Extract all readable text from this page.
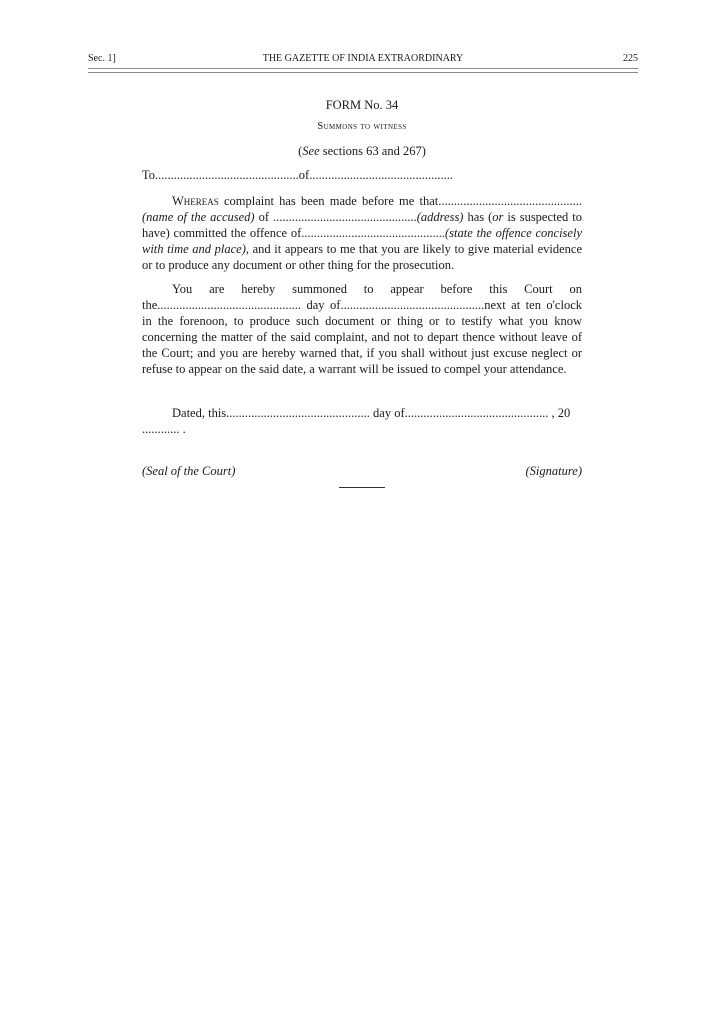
Sec. 1]	THE GAZETTE OF INDIA EXTRAORDINARY	225
FORM No. 34
Summons to witness
(See sections 63 and 267)
To..............................................of..............................................

Whereas complaint has been made before me that..............................................(name of the accused) of ..............................................(address) has (or is suspected to have) committed the offence of..............................................(state the offence concisely with time and place), and it appears to me that you are likely to give material evidence or to produce any document or other thing for the prosecution.

You are hereby summoned to appear before this Court on the.............................................. day of..............................................next at ten o'clock in the forenoon, to produce such document or thing or to testify what you know concerning the matter of the said complaint, and not to depart thence without leave of the Court; and you are hereby warned that, if you shall without just excuse neglect or refuse to appear on the said date, a warrant will be issued to compel your attendance.

Dated, this.............................................. day of.............................................. , 20 ............ .
(Seal of the Court)	(Signature)
